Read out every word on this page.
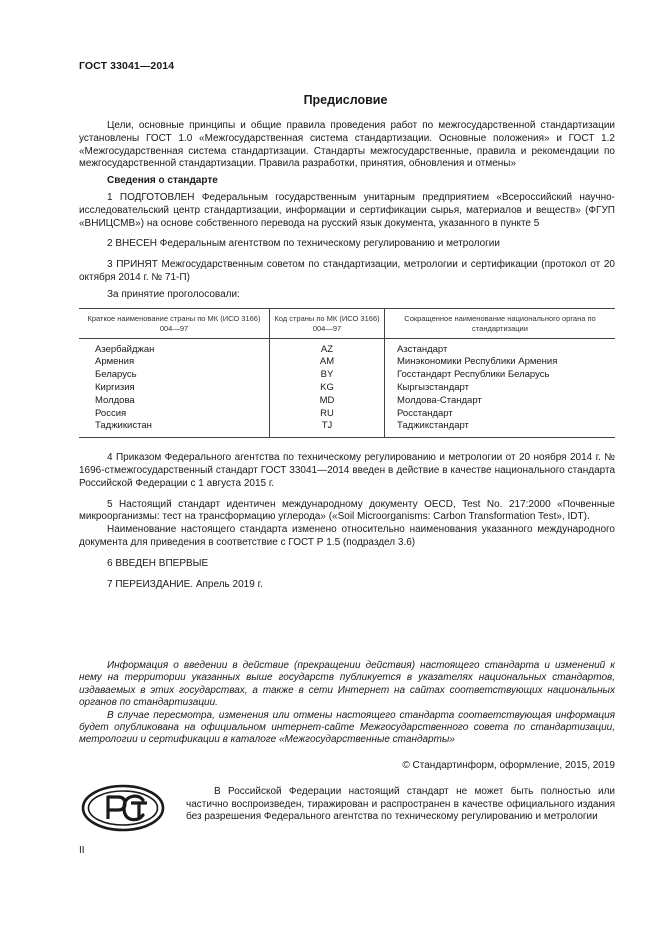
ГОСТ 33041—2014
Предисловие

Цели, основные принципы и общие правила проведения работ по межгосударственной стандартизации установлены ГОСТ 1.0 «Межгосударственная система стандартизации. Основные положения» и ГОСТ 1.2 «Межгосударственная система стандартизации. Стандарты межгосударственные, правила и рекомендации по межгосударственной стандартизации. Правила разработки, принятия, обновления и отмены»

Сведения о стандарте

1 ПОДГОТОВЛЕН Федеральным государственным унитарным предприятием «Всероссийский научно-исследовательский центр стандартизации, информации и сертификации сырья, материалов и веществ» (ФГУП «ВНИЦСМВ») на основе собственного перевода на русский язык документа, указанного в пункте 5

2 ВНЕСЕН Федеральным агентством по техническому регулированию и метрологии

3 ПРИНЯТ Межгосударственным советом по стандартизации, метрологии и сертификации (протокол от 20 октября 2014 г. № 71-П)

За принятие проголосовали:

Краткое наименование страны по МК (ИСО 3166) 004—97	Код страны по МК (ИСО 3166) 004—97	Сокращенное наименование национального органа по стандартизации
Азербайджан	AZ	Азстандарт
Армения	AM	Минэкономики Республики Армения
Беларусь	BY	Госстандарт Республики Беларусь
Киргизия	KG	Кыргызстандарт
Молдова	MD	Молдова-Стандарт
Россия	RU	Росстандарт
Таджикистан	TJ	Таджикстандарт

4 Приказом Федерального агентства по техническому регулированию и метрологии от 20 ноября 2014 г. № 1696-стмежгосударственный стандарт ГОСТ 33041—2014 введен в действие в качестве национального стандарта Российской Федерации с 1 августа 2015 г.

5 Настоящий стандарт идентичен международному документу OECD, Test No. 217:2000 «Почвенные микроорганизмы: тест на трансформацию углерода» («Soil Microorganisms: Carbon Transformation Test», IDT).

Наименование настоящего стандарта изменено относительно наименования указанного международного документа для приведения в соответствие с ГОСТ Р 1.5 (подраздел 3.6)

6 ВВЕДЕН ВПЕРВЫЕ

7 ПЕРЕИЗДАНИЕ. Апрель 2019 г.

Информация о введении в действие (прекращении действия) настоящего стандарта и изменений к нему на территории указанных выше государств публикуется в указателях национальных стандартов, издаваемых в этих государствах, а также в сети Интернет на сайтах соответствующих национальных органов по стандартизации.

В случае пересмотра, изменения или отмены настоящего стандарта соответствующая информация будет опубликована на официальном интернет-сайте Межгосударственного совета по стандартизации, метрологии и сертификации в каталоге «Межгосударственные стандарты»

© Стандартинформ, оформление, 2015, 2019

В Российской Федерации настоящий стандарт не может быть полностью или частично воспроизведен, тиражирован и распространен в качестве официального издания без разрешения Федерального агентства по техническому регулированию и метрологии

II
